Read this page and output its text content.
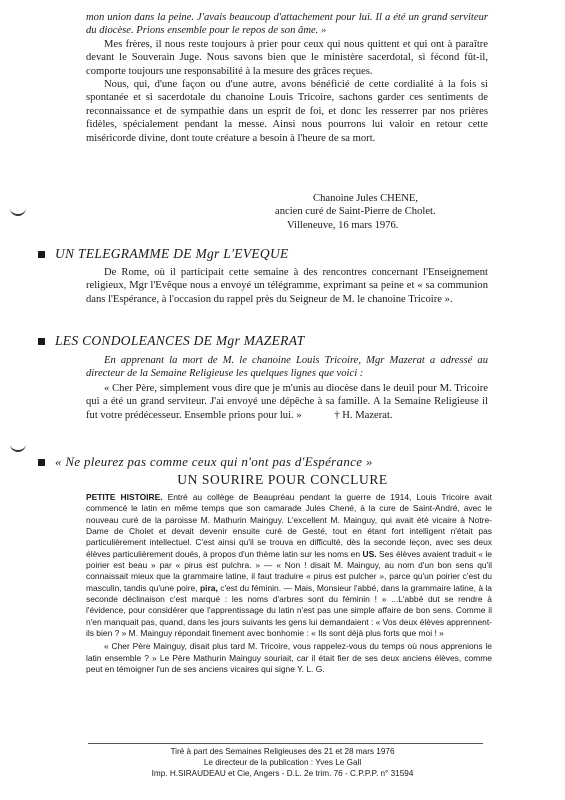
mon union dans la peine. J'avais beaucoup d'attachement pour lui. Il a été un grand serviteur du diocèse. Prions ensemble pour le repos de son âme. »

Mes frères, il nous reste toujours à prier pour ceux qui nous quittent et qui ont à paraître devant le Souverain Juge. Nous savons bien que le ministère sacerdotal, si fécond fût-il, comporte toujours une responsabilité à la mesure des grâces reçues.

Nous, qui, d'une façon ou d'une autre, avons bénéficié de cette cordialité à la fois si spontanée et si sacerdotale du chanoine Louis Tricoire, sachons garder ces sentiments de reconnaissance et de sympathie dans un esprit de foi, et donc les resserrer par nos prières fidèles, spécialement pendant la messe. Ainsi nous pourrons lui valoir en retour cette miséricorde divine, dont toute créature a besoin à l'heure de sa mort.

Chanoine Jules CHENE,
ancien curé de Saint-Pierre de Cholet.
Villeneuve, 16 mars 1976.
UN TELEGRAMME DE Mgr L'EVEQUE

De Rome, où il participait cette semaine à des rencontres concernant l'Enseignement religieux, Mgr l'Evêque nous a envoyé un télégramme, exprimant sa peine et « sa communion dans l'Espérance, à l'occasion du rappel près du Seigneur de M. le chanoine Tricoire ».

LES CONDOLEANCES DE Mgr MAZERAT

En apprenant la mort de M. le chanoine Louis Tricoire, Mgr Mazerat a adressé au directeur de la Semaine Religieuse les quelques lignes que voici :

« Cher Père, simplement vous dire que je m'unis au diocèse dans le deuil pour M. Tricoire qui a été un grand serviteur. J'ai envoyé une dépêche à sa famille. A la Semaine Religieuse il fut votre prédécesseur. Ensemble prions pour lui. »	† H. Mazerat.

« Ne pleurez pas comme ceux qui n'ont pas d'Espérance »
UN SOURIRE POUR CONCLURE

PETITE HISTOIRE. Entré au collège de Beaupréau pendant la guerre de 1914, Louis Tricoire avait commencé le latin en même temps que son camarade Jules Chené, à la cure de Saint-André, avec le nouveau curé de la paroisse M. Mathurin Mainguy. L'excellent M. Mainguy, qui avait été vicaire à Notre-Dame de Cholet et devait devenir ensuite curé de Gesté, tout en étant fort intelligent n'était pas particulièrement intellectuel. C'est ainsi qu'il se trouva en difficulté, dès la seconde leçon, avec ses deux élèves particulièrement doués, à propos d'un thème latin sur les noms en US. Ses élèves avaient traduit « le poirier est beau » par « pirus est pulchra. » — « Non ! disait M. Mainguy, au nom d'un bon sens qu'il connaissait mieux que la grammaire latine, il faut traduire « pirus est pulcher », parce qu'un poirier c'est du masculin, tandis qu'une poire, pira, c'est du féminin. — Mais, Monsieur l'abbé, dans la grammaire latine, à la seconde déclinaison c'est marqué : les noms d'arbres sont du féminin ! » ...L'abbé dut se rendre à l'évidence, pour considérer que l'apprentissage du latin n'est pas une simple affaire de bon sens. Comme il n'en manquait pas, quand, dans les jours suivants les gens lui demandaient : « Vos deux élèves apprennent-ils bien ? » M. Mainguy répondait finement avec bonhomie : « Ils sont déjà plus forts que moi ! »

« Cher Père Mainguy, disait plus tard M. Tricoire, vous rappelez-vous du temps où nous apprenions le latin ensemble ? » Le Père Mathurin Mainguy souriait, car il était fier de ses deux anciens élèves, comme peut en témoigner l'un de ses anciens vicaires qui signe Y. L. G.

Tiré à part des Semaines Religieuses des 21 et 28 mars 1976
Le directeur de la publication : Yves Le Gall
Imp. H.SIRAUDEAU et Cie, Angers - D.L. 2e trim. 76 - C.P.P.P. n° 31594
